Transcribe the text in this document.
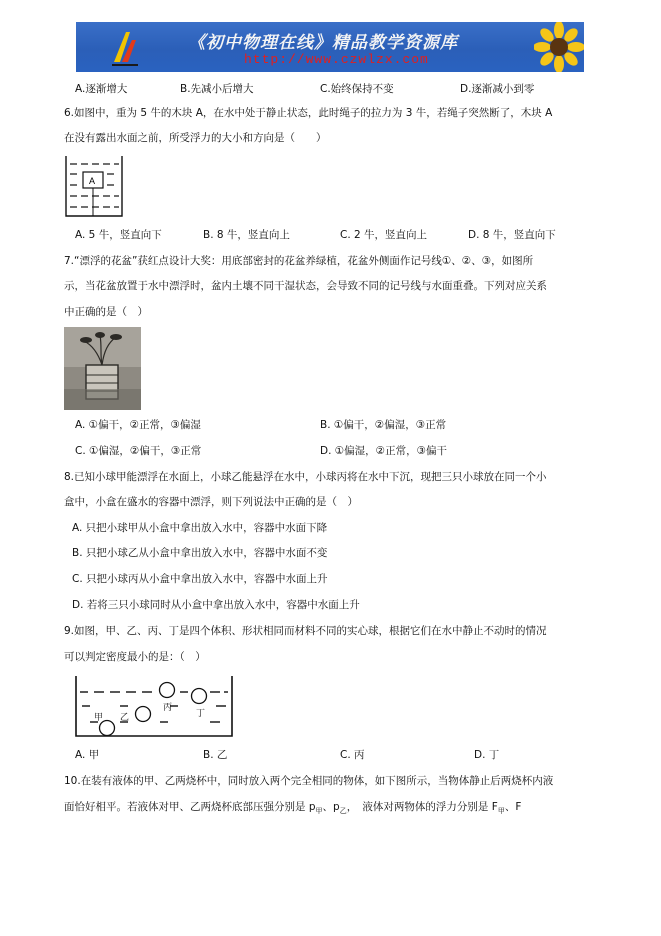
《初中物理在线》精品教学资源库
http://www.czwlzx.com
A.逐渐增大	B.先减小后增大	C.始终保持不变	D.逐渐减小到零
6.如图中，重为 5 牛的木块 A，在水中处于静止状态，此时绳子的拉力为 3 牛，若绳子突然断了，木块 A
在没有露出水面之前，所受浮力的大小和方向是（　　）
A
A. 5 牛，竖直向下	B. 8 牛，竖直向上	C. 2 牛，竖直向上	D. 8 牛，竖直向下
7.“漂浮的花盆”获红点设计大奖：用底部密封的花盆养绿植，花盆外侧面作记号线①、②、③，如图所
示，当花盆放置于水中漂浮时，盆内土壤不同干湿状态，会导致不同的记号线与水面重叠。下列对应关系
中正确的是（　）
A. ①偏干，②正常，③偏湿	B. ①偏干，②偏湿，③正常
C. ①偏湿，②偏干，③正常	D. ①偏湿，②正常，③偏干
8.已知小球甲能漂浮在水面上，小球乙能悬浮在水中，小球丙将在水中下沉，现把三只小球放在同一个小
盒中，小盒在盛水的容器中漂浮，则下列说法中正确的是（　）
A. 只把小球甲从小盒中拿出放入水中，容器中水面下降
B. 只把小球乙从小盒中拿出放入水中，容器中水面不变
C. 只把小球丙从小盒中拿出放入水中，容器中水面上升
D. 若将三只小球同时从小盒中拿出放入水中，容器中水面上升
9.如图，甲、乙、丙、丁是四个体积、形状相同而材料不同的实心球，根据它们在水中静止不动时的情况
可以判定密度最小的是：（　）
甲 乙
丙
丁
A. 甲	B. 乙	C. 丙	D. 丁
10.在装有液体的甲、乙两烧杯中，同时放入两个完全相同的物体，如下图所示，当物体静止后两烧杯内液
面恰好相平。若液体对甲、乙两烧杯底部压强分别是 $p_甲$、$p_乙$，　液体对两物体的浮力分别是 $F_甲$、F
